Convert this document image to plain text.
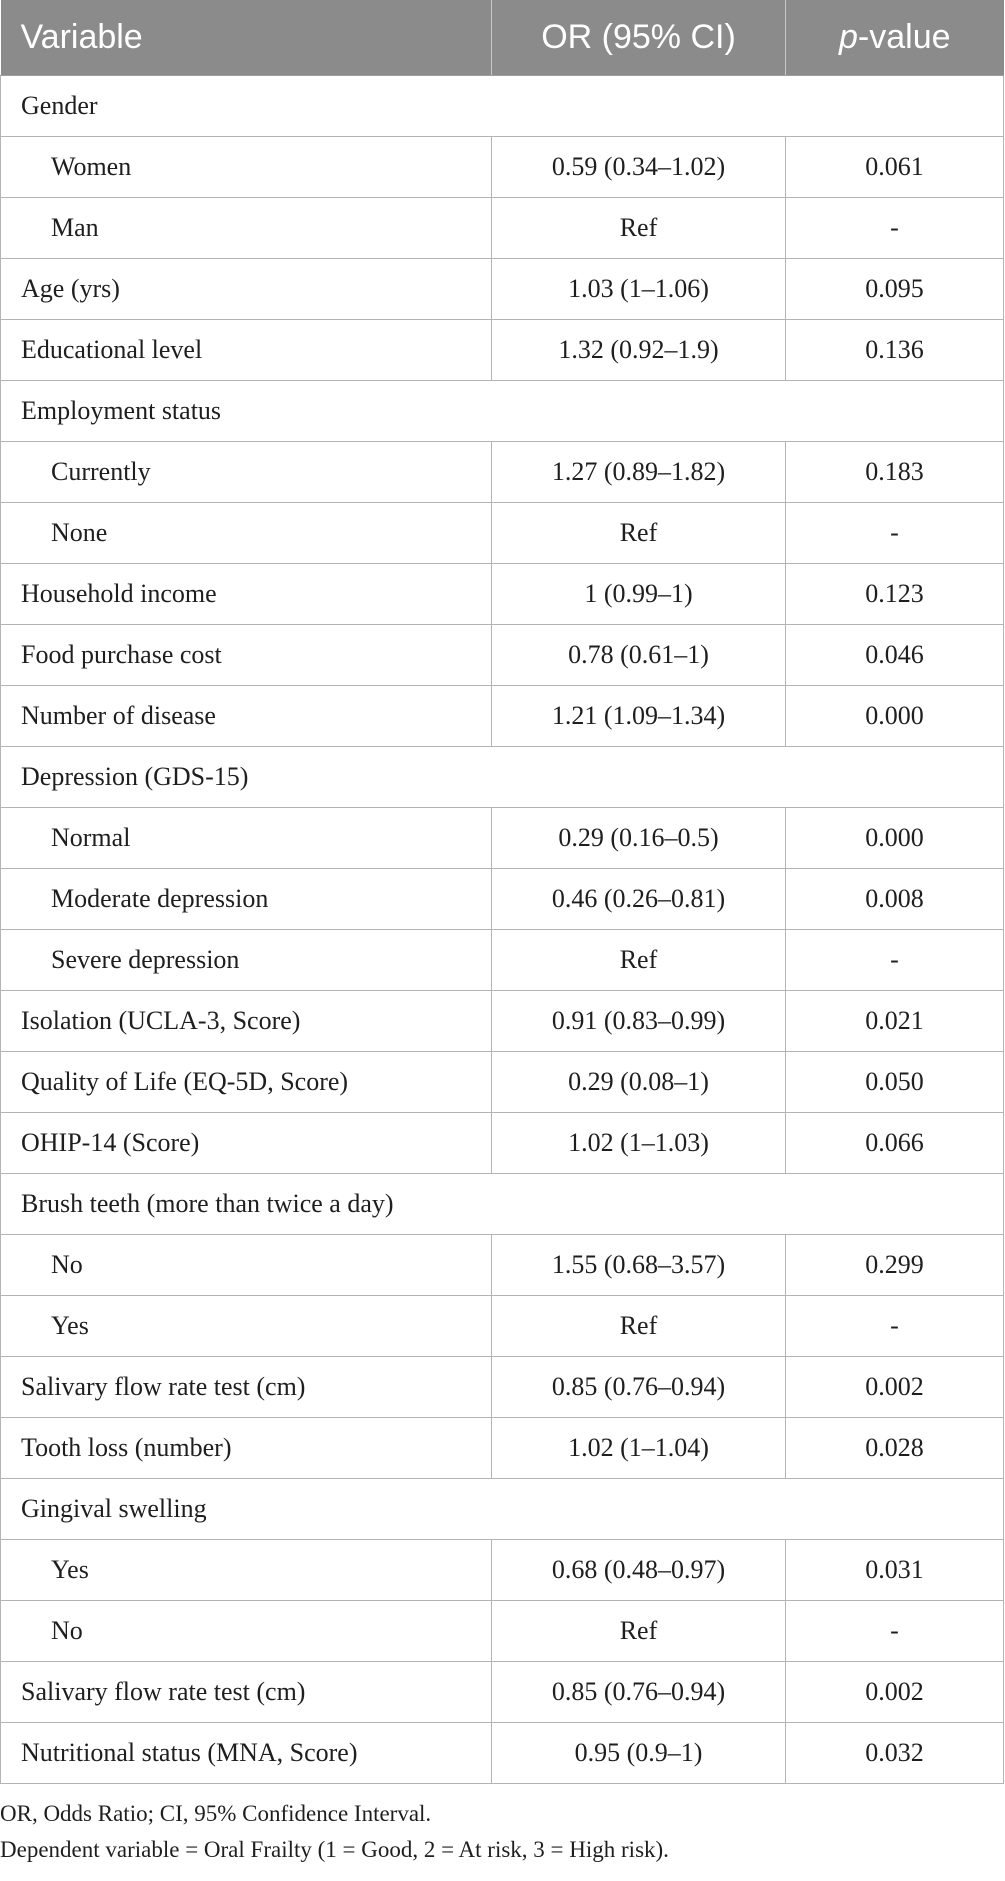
Variable	OR (95% CI)	p-value
Gender		
Women	0.59 (0.34–1.02)	0.061
Man	Ref	-
Age (yrs)	1.03 (1–1.06)	0.095
Educational level	1.32 (0.92–1.9)	0.136
Employment status		
Currently	1.27 (0.89–1.82)	0.183
None	Ref	-
Household income	1 (0.99–1)	0.123
Food purchase cost	0.78 (0.61–1)	0.046
Number of disease	1.21 (1.09–1.34)	0.000
Depression (GDS-15)		
Normal	0.29 (0.16–0.5)	0.000
Moderate depression	0.46 (0.26–0.81)	0.008
Severe depression	Ref	-
Isolation (UCLA-3, Score)	0.91 (0.83–0.99)	0.021
Quality of Life (EQ-5D, Score)	0.29 (0.08–1)	0.050
OHIP-14 (Score)	1.02 (1–1.03)	0.066
Brush teeth (more than twice a day)		
No	1.55 (0.68–3.57)	0.299
Yes	Ref	-
Salivary flow rate test (cm)	0.85 (0.76–0.94)	0.002
Tooth loss (number)	1.02 (1–1.04)	0.028
Gingival swelling		
Yes	0.68 (0.48–0.97)	0.031
No	Ref	-
Salivary flow rate test (cm)	0.85 (0.76–0.94)	0.002
Nutritional status (MNA, Score)	0.95 (0.9–1)	0.032
OR, Odds Ratio; CI, 95% Confidence Interval.
Dependent variable = Oral Frailty (1 = Good, 2 = At risk, 3 = High risk).
